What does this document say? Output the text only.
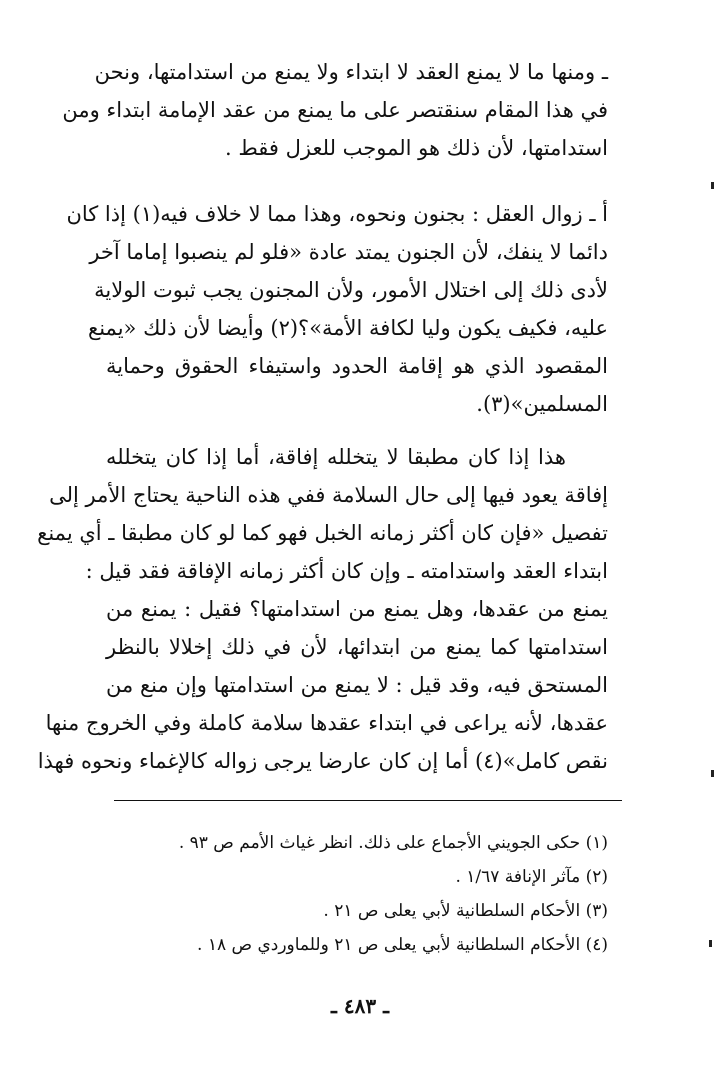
ـ ومنها ما لا يمنع العقد لا ابتداء ولا يمنع من استدامتها، ونحن
في هذا المقام سنقتصر على ما يمنع من عقد الإمامة ابتداء ومن
استدامتها، لأن ذلك هو الموجب للعزل فقط .
أ ـ زوال العقل : بجنون ونحوه، وهذا مما لا خلاف فيه(١) إذا كان
دائما لا ينفك، لأن الجنون يمتد عادة «فلو لم ينصبوا إماما آخر
لأدى ذلك إلى اختلال الأمور، ولأن المجنون يجب ثبوت الولاية
عليه، فكيف يكون وليا لكافة الأمة»؟(٢) وأيضا لأن ذلك «يمنع
المقصود الذي هو إقامة الحدود واستيفاء الحقوق وحماية
المسلمين»(٣).
هذا إذا كان مطبقا لا يتخلله إفاقة، أما إذا كان يتخلله
إفاقة يعود فيها إلى حال السلامة ففي هذه الناحية يحتاج الأمر إلى
تفصيل «فإن كان أكثر زمانه الخبل فهو كما لو كان مطبقا ـ أي يمنع
ابتداء العقد واستدامته ـ وإن كان أكثر زمانه الإفاقة فقد قيل :
يمنع من عقدها، وهل يمنع من استدامتها؟ فقيل : يمنع من
استدامتها كما يمنع من ابتدائها، لأن في ذلك إخلالا بالنظر
المستحق فيه، وقد قيل : لا يمنع من استدامتها وإن منع من
عقدها، لأنه يراعى في ابتداء عقدها سلامة كاملة وفي الخروج منها
نقص كامل»(٤) أما إن كان عارضا يرجى زواله كالإغماء ونحوه فهذا
(١) حكى الجويني الأجماع على ذلك. انظر غياث الأمم ص ٩٣ .
(٢) مآثر الإنافة ١/٦٧ .
(٣) الأحكام السلطانية لأبي يعلى ص ٢١ .
(٤) الأحكام السلطانية لأبي يعلى ص ٢١ وللماوردي ص ١٨ .
ـ ٤٨٣ ـ
